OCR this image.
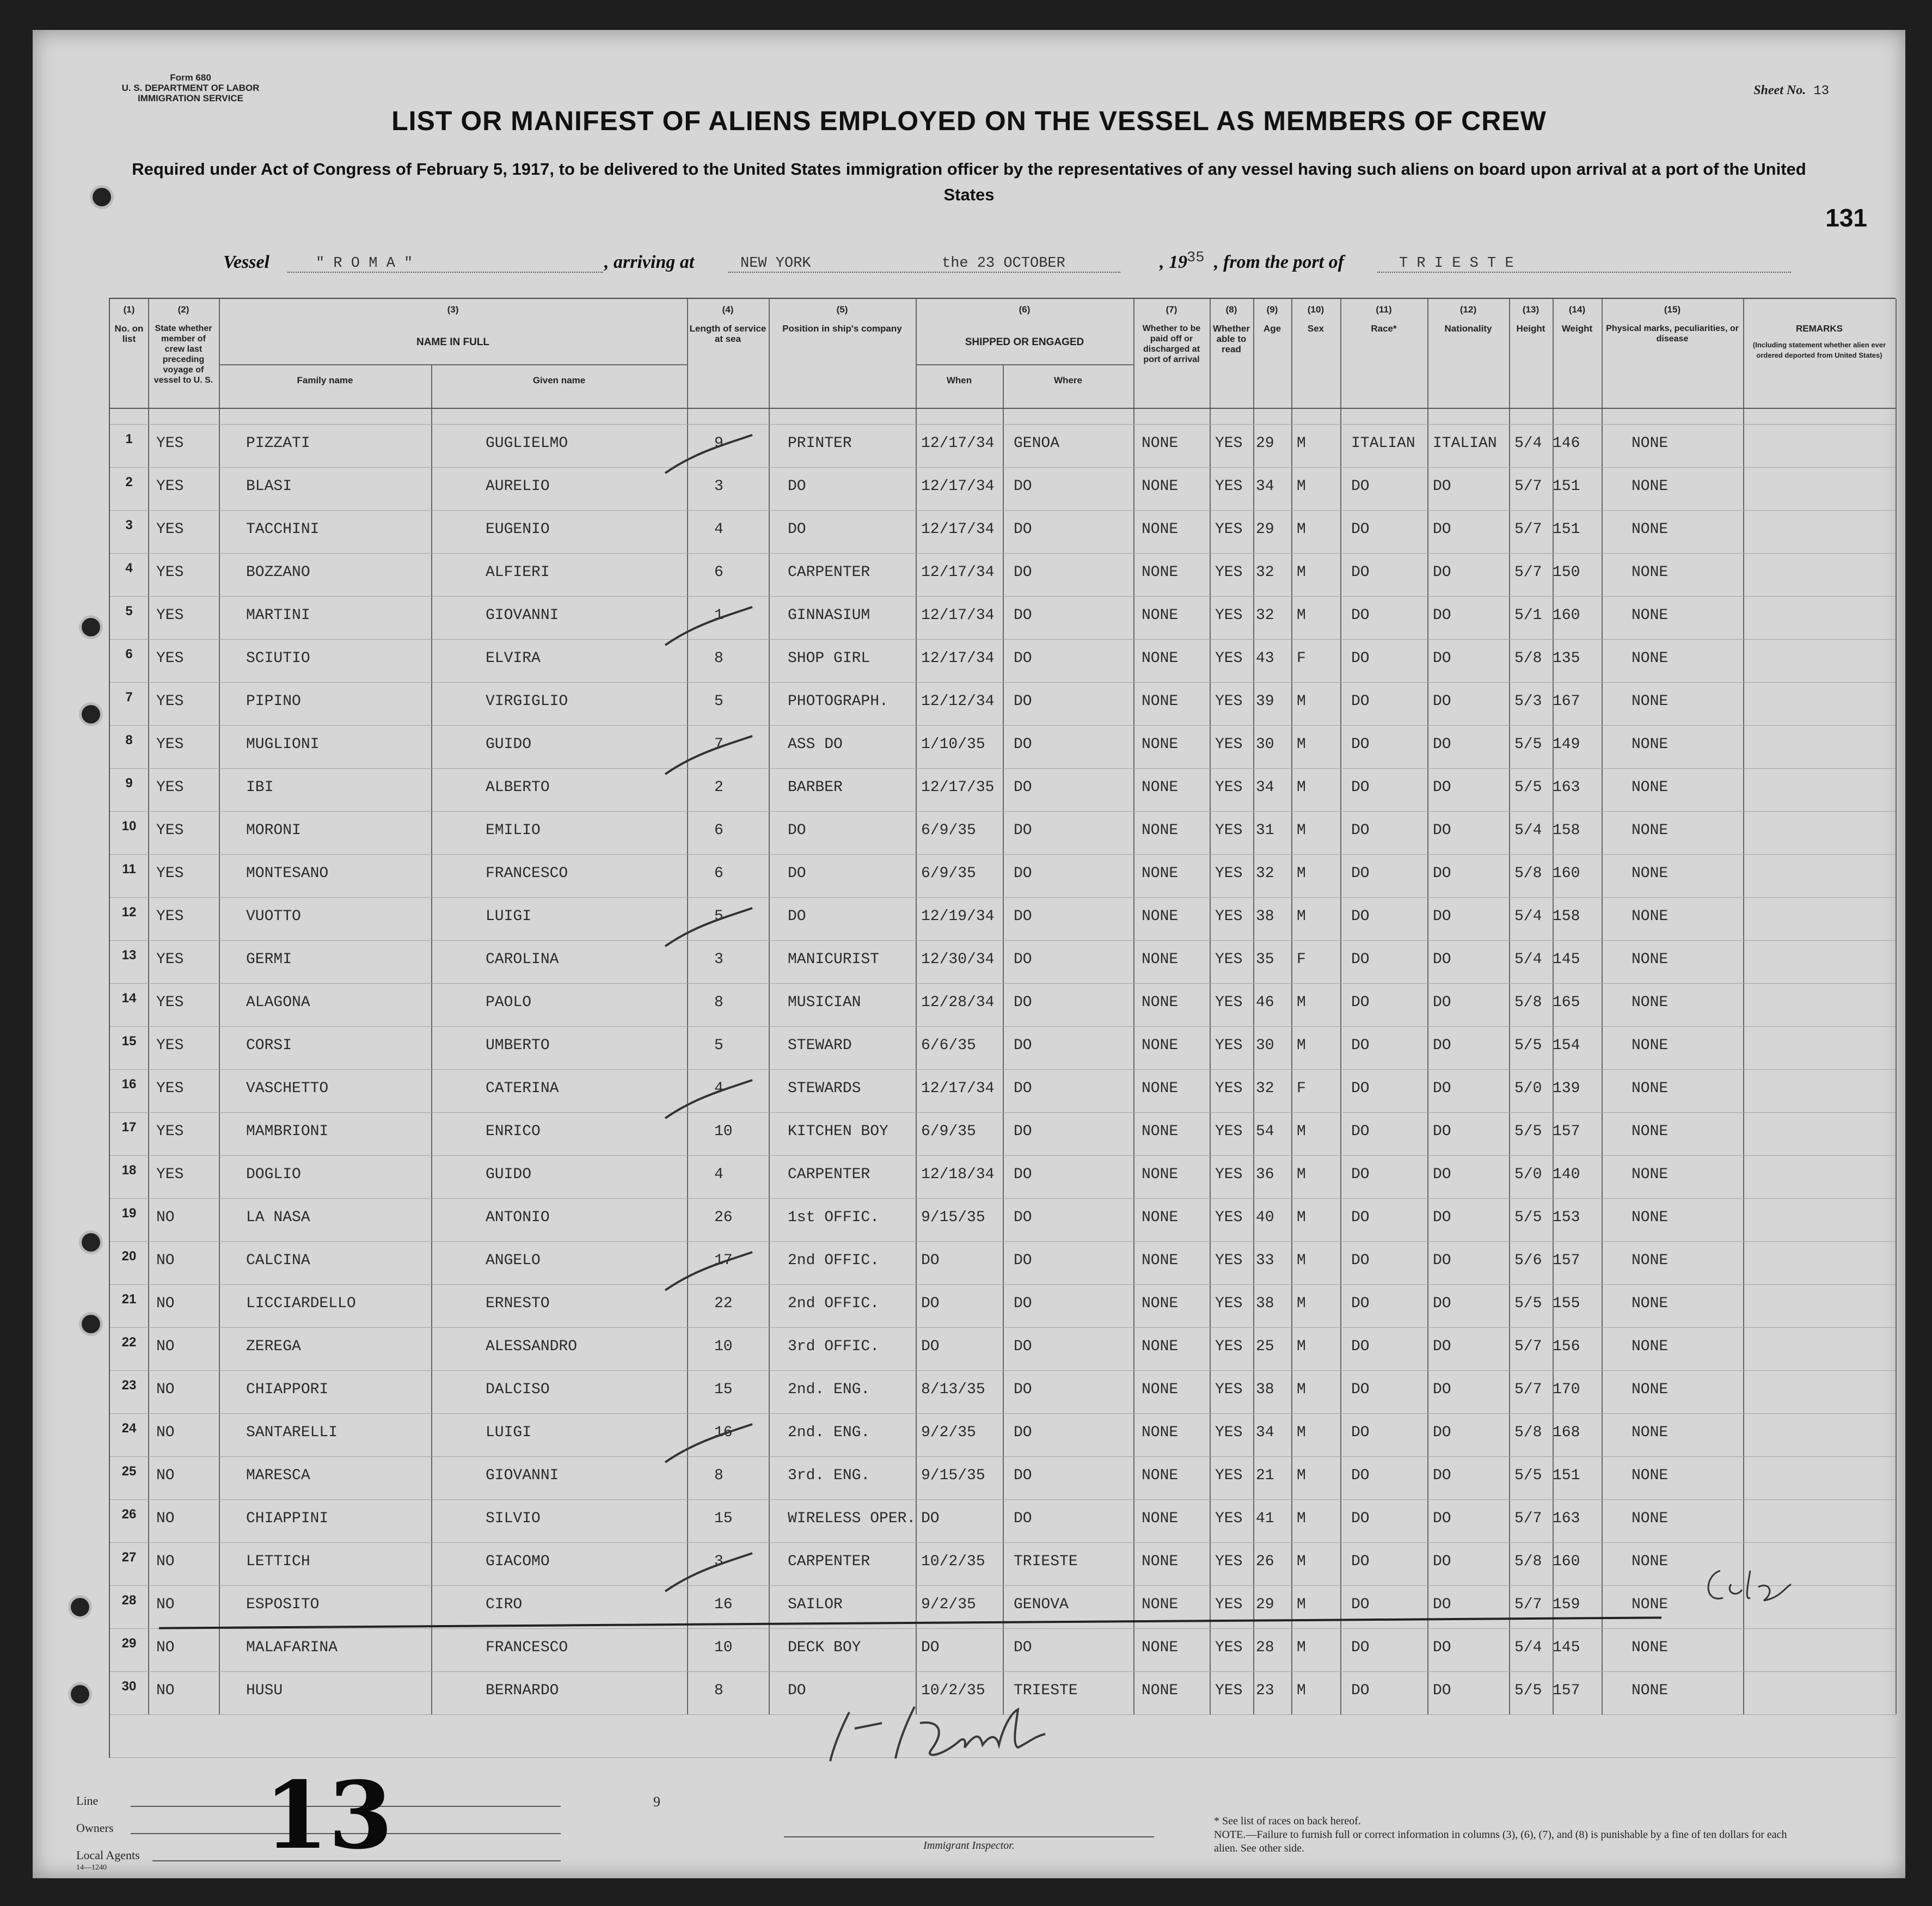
Form 680
U. S. DEPARTMENT OF LABOR
IMMIGRATION SERVICE
Sheet No. 13
LIST OR MANIFEST OF ALIENS EMPLOYED ON THE VESSEL AS MEMBERS OF CREW
Required under Act of Congress of February 5, 1917, to be delivered to the United States immigration officer by the representatives of any vessel having such aliens on board upon arrival at a port of the United States
131
Vessel	" R O M A "	, arriving at	NEW YORK	the 23 OCTOBER	, 19 35 , from the port of	T R I E S T E
(1)
No. on list
(2)
State whether member of crew last preceding voyage of vessel to U. S.
(3)
NAME IN FULL
Family name	Given name
(4)
Length of service at sea
(5)
Position in ship's company
(6)
SHIPPED OR ENGAGED
When	Where
(7)
Whether to be paid off or discharged at port of arrival
(8)
Whether able to read
(9)
Age
(10)
Sex
(11)
Race*
(12)
Nationality
(13)
Height
(14)
Weight
(15)
Physical marks, peculiarities, or disease
REMARKS
(Including statement whether alien ever ordered deported from United States)
1	YES	PIZZATI	GUGLIELMO	9	PRINTER	12/17/34 GENOA	NONE YES 29 M	ITALIAN ITALIAN 5/4 146	NONE
2	YES	BLASI	AURELIO	3	DO	12/17/34 DO	NONE YES 34 M	DO	DO	5/7 151	NONE
3	YES	TACCHINI	EUGENIO	4	DO	12/17/34 DO	NONE YES 29 M	DO	DO	5/7 151	NONE
4	YES	BOZZANO	ALFIERI	6	CARPENTER	12/17/34 DO	NONE YES 32 M	DO	DO	5/7 150	NONE
5	YES	MARTINI	GIOVANNI	1	GINNASIUM	12/17/34 DO	NONE YES 32 M	DO	DO	5/1 160	NONE
6	YES	SCIUTIO	ELVIRA	8	SHOP GIRL	12/17/34 DO	NONE YES 43 F	DO	DO	5/8 135	NONE
7	YES	PIPINO	VIRGIGLIO	5	PHOTOGRAPH. 12/12/34 DO	NONE YES 39 M	DO	DO	5/3 167	NONE
8	YES	MUGLIONI	GUIDO	7	ASS DO	1/10/35 DO	NONE YES 30 M	DO	DO	5/5 149	NONE
9	YES	IBI	ALBERTO	2	BARBER	12/17/35 DO	NONE YES 34 M	DO	DO	5/5 163	NONE
10	YES	MORONI	EMILIO	6	DO	6/9/35 DO	NONE YES 31 M	DO	DO	5/4 158	NONE
11	YES	MONTESANO	FRANCESCO	6	DO	6/9/35 DO	NONE YES 32 M	DO	DO	5/8 160	NONE
12	YES	VUOTTO	LUIGI	5	DO	12/19/34 DO	NONE YES 38 M	DO	DO	5/4 158	NONE
13	YES	GERMI	CAROLINA	3	MANICURIST	12/30/34 DO	NONE YES 35 F	DO	DO	5/4 145	NONE
14	YES	ALAGONA	PAOLO	8	MUSICIAN	12/28/34 DO	NONE YES 46 M	DO	DO	5/8 165	NONE
15	YES	CORSI	UMBERTO	5	STEWARD	6/6/35 DO	NONE YES 30 M	DO	DO	5/5 154	NONE
16	YES	VASCHETTO	CATERINA	4	STEWARDS	12/17/34 DO	NONE YES 32 F	DO	DO	5/0 139	NONE
17	YES	MAMBRIONI	ENRICO	10	KITCHEN BOY 6/9/35 DO	NONE YES 54 M	DO	DO	5/5 157	NONE
18	YES	DOGLIO	GUIDO	4	CARPENTER	12/18/34 DO	NONE YES 36 M	DO	DO	5/0 140	NONE
19	NO	LA NASA	ANTONIO	26	1st OFFIC.	9/15/35 DO	NONE YES 40 M	DO	DO	5/5 153	NONE
20	NO	CALCINA	ANGELO	17	2nd OFFIC.	DO	DO	NONE YES 33 M	DO	DO	5/6 157	NONE
21	NO	LICCIARDELLO	ERNESTO	22	2nd OFFIC.	DO	DO	NONE YES 38 M	DO	DO	5/5 155	NONE
22	NO	ZEREGA	ALESSANDRO	10	3rd OFFIC.	DO	DO	NONE YES 25 M	DO	DO	5/7 156	NONE
23	NO	CHIAPPORI	DALCISO	15	2nd. ENG.	8/13/35 DO	NONE YES 38 M	DO	DO	5/7 170	NONE
24	NO	SANTARELLI	LUIGI	16	2nd. ENG.	9/2/35 DO	NONE YES 34 M	DO	DO	5/8 168	NONE
25	NO	MARESCA	GIOVANNI	8	3rd. ENG.	9/15/35 DO	NONE YES 21 M	DO	DO	5/5 151	NONE
26	NO	CHIAPPINI	SILVIO	15	WIRELESS OPER. DO	DO	NONE YES 41 M	DO	DO	5/7 163	NONE
27	NO	LETTICH	GIACOMO	3	CARPENTER	10/2/35 TRIESTE	NONE YES 26 M	DO	DO	5/8 160	NONE
28	NO	ESPOSITO	CIRO	16	SAILOR	9/2/35 GENOVA	NONE YES 29 M	DO	DO	5/7 159	NONE
29	NO	MALAFARINA	FRANCESCO	10	DECK BOY	DO	DO	NONE YES 28 M	DO	DO	5/4 145	NONE
30	NO	HUSU	BERNARDO	8	DO	10/2/35 TRIESTE	NONE YES 23 M	DO	DO	5/5 157	NONE
Line
Owners
Local Agents
14—1240 13	9
Immigrant Inspector.
* See list of races on back hereof.
NOTE.—Failure to furnish full or correct information in columns (3), (6), (7), and (8) is punishable by a fine of ten dollars for each alien. See other side.
